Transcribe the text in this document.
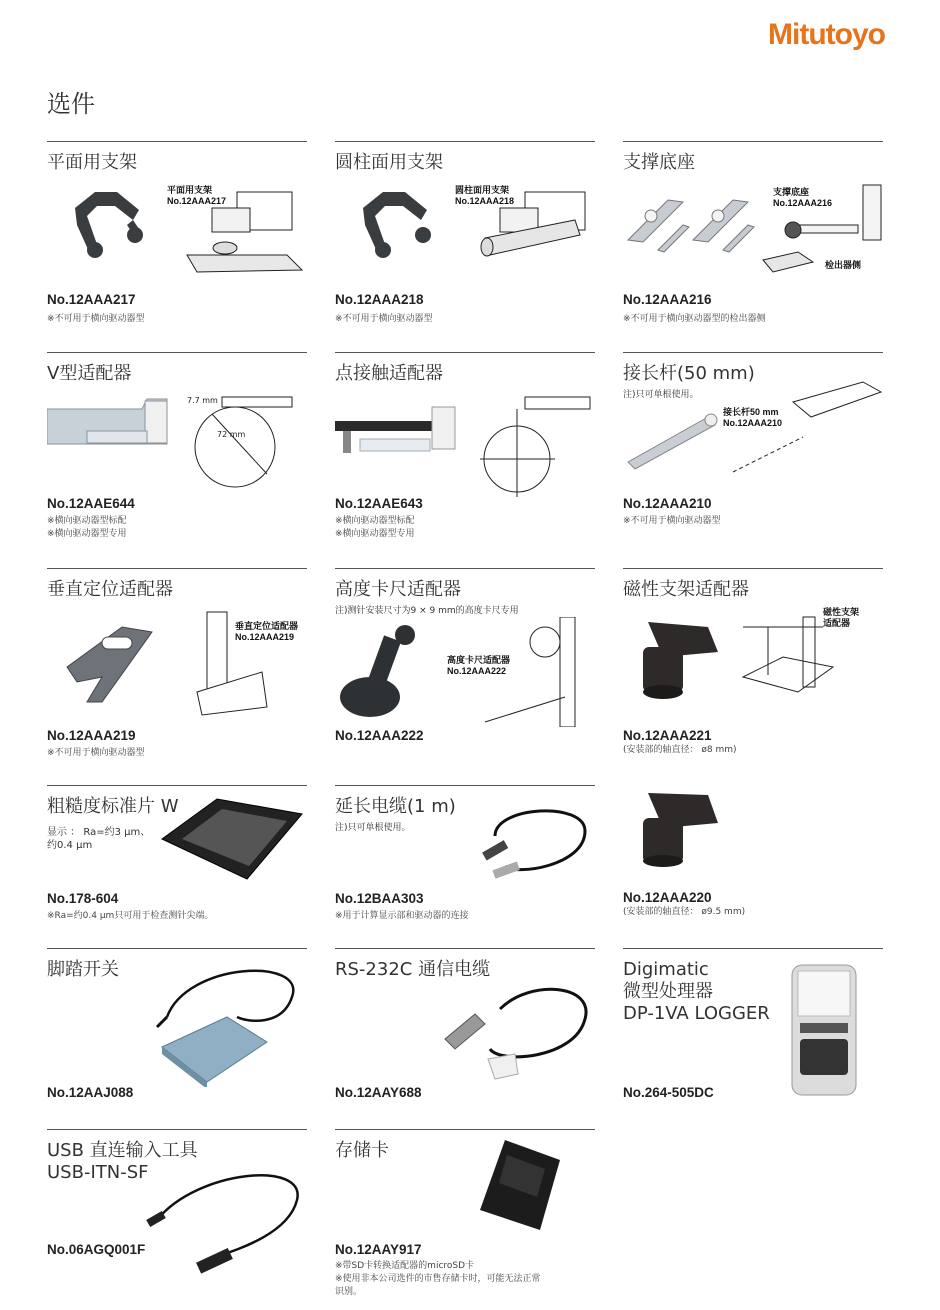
Mitutoyo
选件
平面用支架
平面用支架
No.12AAA217
No.12AAA217
※不可用于横向驱动器型
圆柱面用支架
圆柱面用支架
No.12AAA218
No.12AAA218
※不可用于横向驱动器型
支撑底座
支撑底座
No.12AAA216
检出器侧
No.12AAA216
※不可用于横向驱动器型的检出器侧
V型适配器
7.7 mm
72 mm
No.12AAE644
※横向驱动器型标配
※横向驱动器型专用
点接触适配器
No.12AAE643
※横向驱动器型标配
※横向驱动器型专用
接长杆(50 mm)
注)只可单根使用。
接长杆50 mm
No.12AAA210
No.12AAA210
※不可用于横向驱动器型
垂直定位适配器
垂直定位适配器
No.12AAA219
No.12AAA219
※不可用于横向驱动器型
高度卡尺适配器
注)测针安装尺寸为9 × 9 mm的高度卡尺专用
高度卡尺适配器
No.12AAA222
No.12AAA222
磁性支架适配器
磁性支架
适配器
No.12AAA221
(安装部的轴直径： ø8 mm)
粗糙度标准片 W
显示 ： Ra=约3 μm、
约0.4 μm
No.178-604
※Ra=约0.4 μm只可用于检查测针尖端。
延长电缆(1 m)
注)只可单根使用。
No.12BAA303
※用于计算显示部和驱动器的连接
No.12AAA220
(安装部的轴直径： ø9.5 mm)
脚踏开关
No.12AAJ088
RS-232C 通信电缆
No.12AAY688
Digimatic
微型处理器
DP-1VA LOGGER
No.264-505DC
USB 直连输入工具
USB-ITN-SF
No.06AGQ001F
存储卡
No.12AAY917
※带SD卡转换适配器的microSD卡
※使用非本公司选件的市售存储卡时，可能无法正常
识别。
